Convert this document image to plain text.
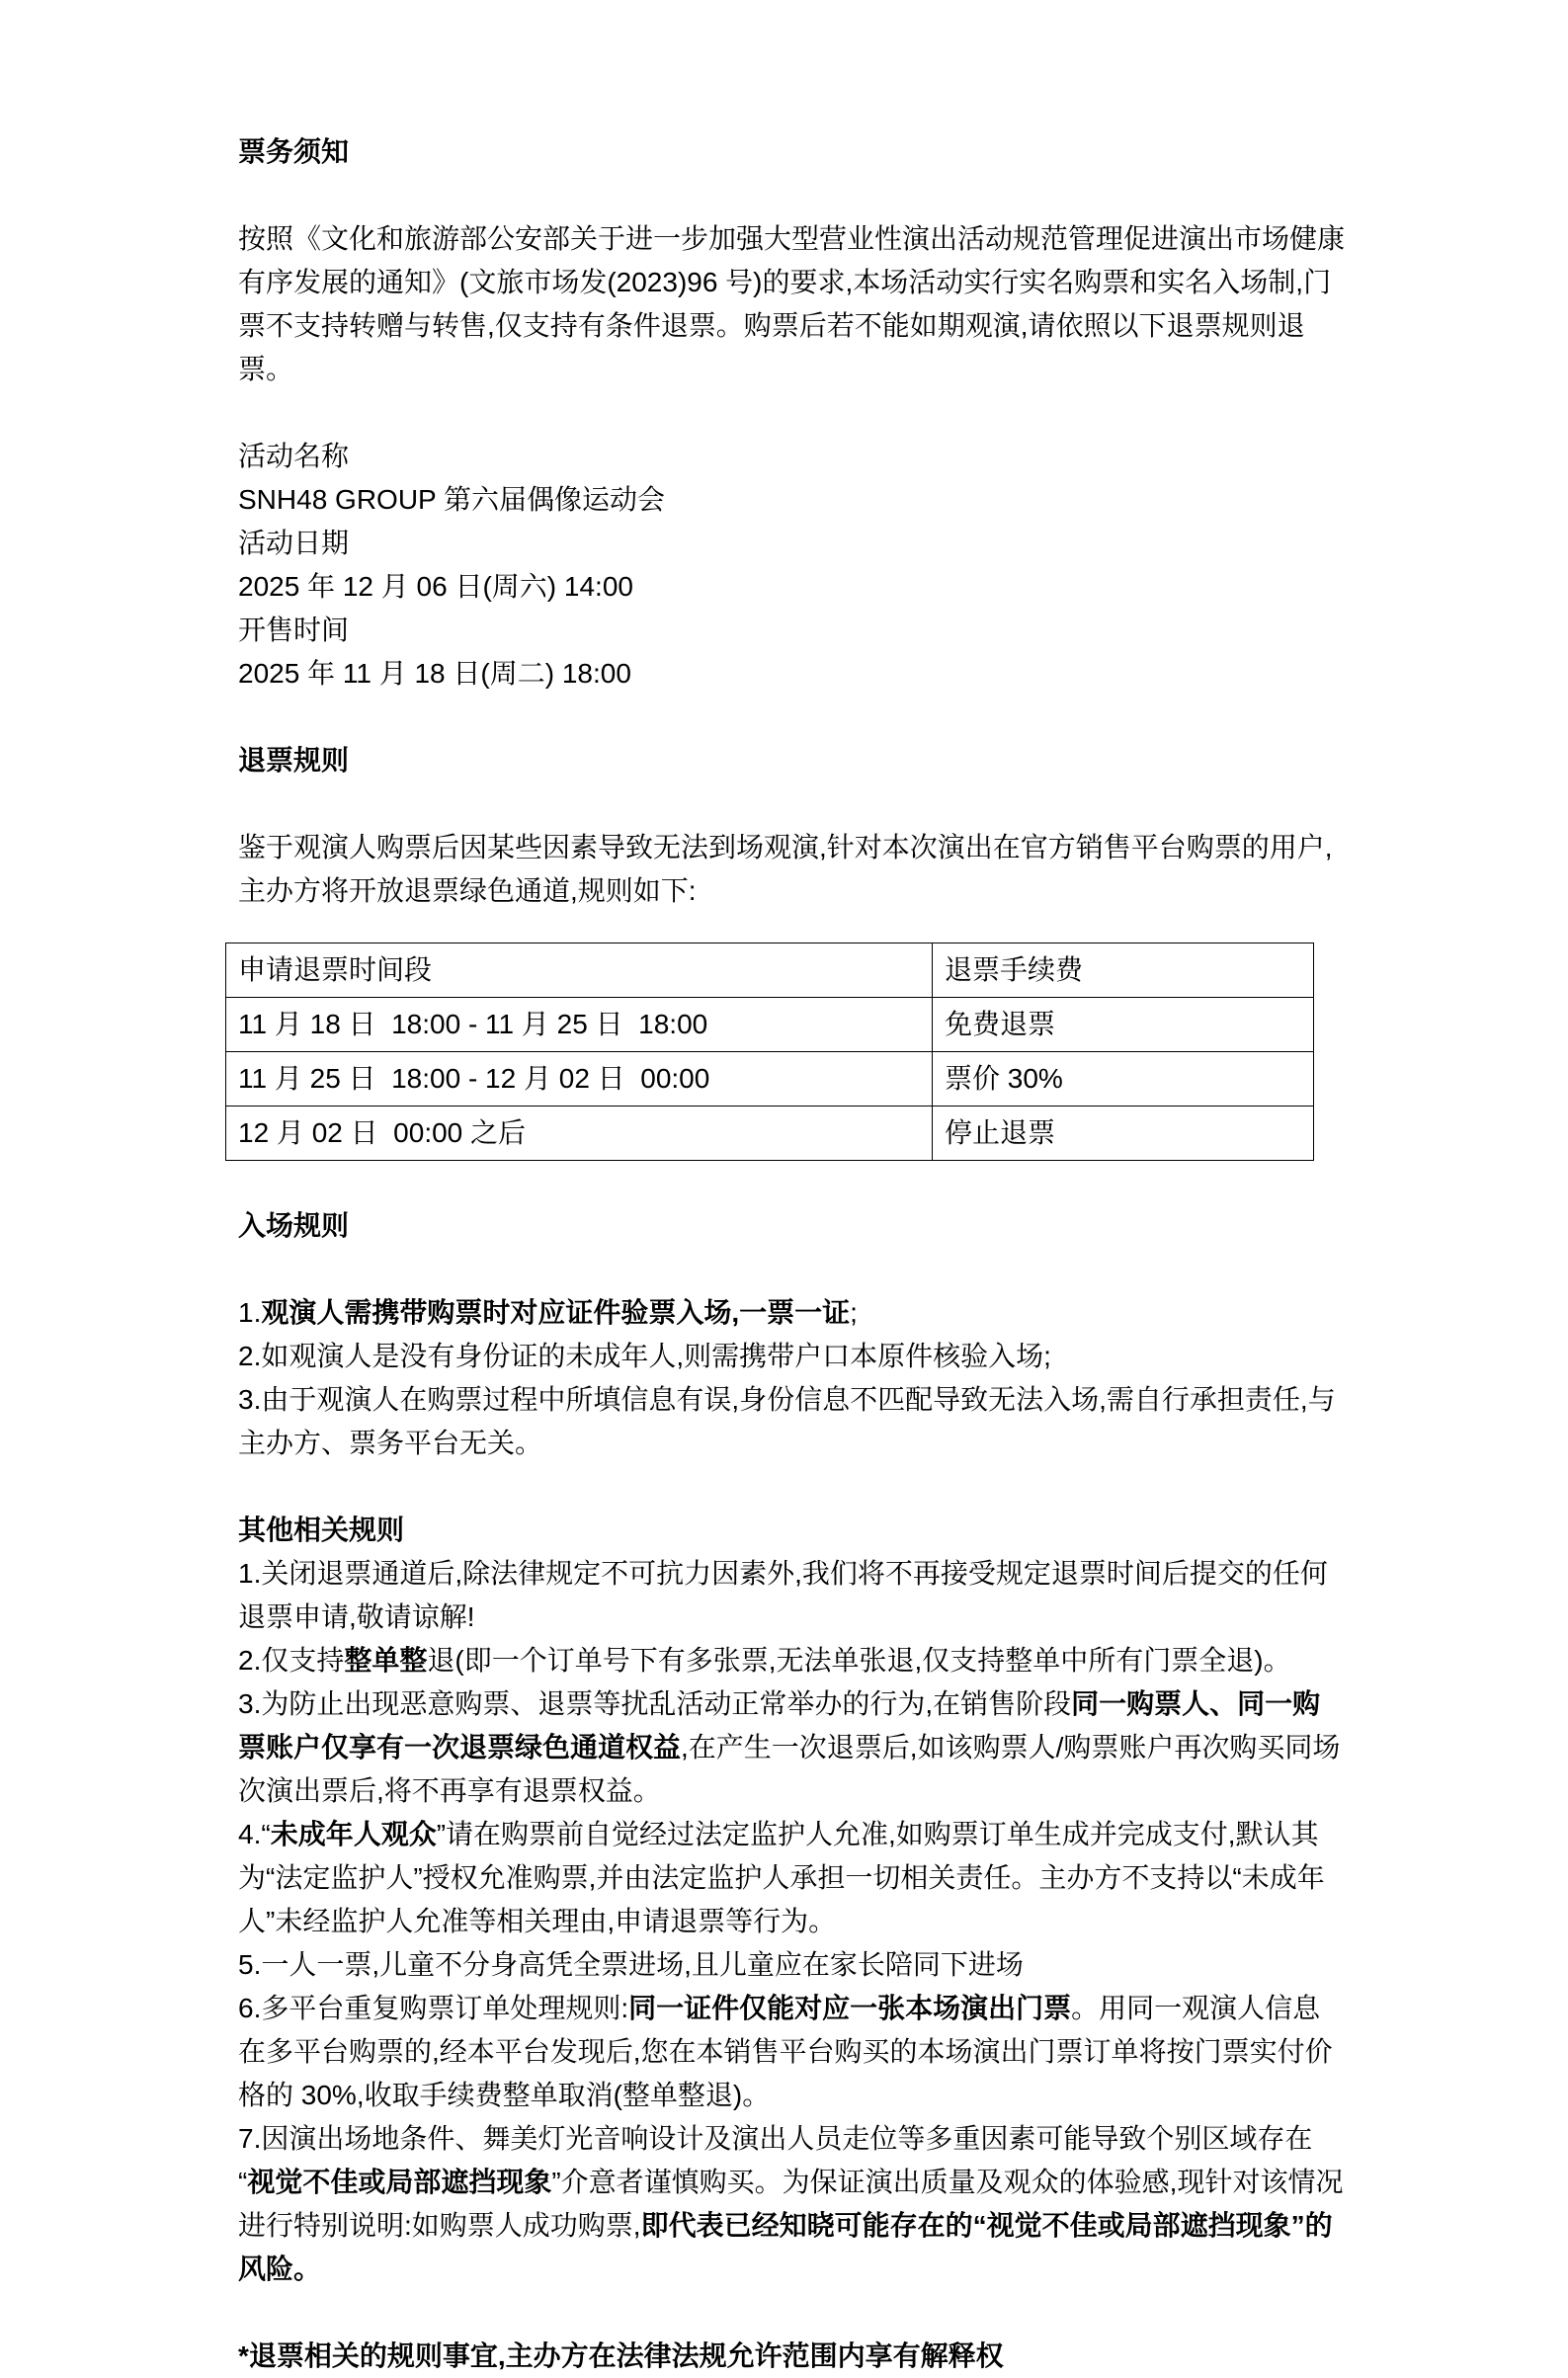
票务须知

按照《文化和旅游部公安部关于进一步加强大型营业性演出活动规范管理促进演出市场健康有序发展的通知》(文旅市场发(2023)96 号)的要求,本场活动实行实名购票和实名入场制,门票不支持转赠与转售,仅支持有条件退票。购票后若不能如期观演,请依照以下退票规则退票。

活动名称

SNH48 GROUP 第六届偶像运动会

活动日期

2025 年 12 月 06 日(周六) 14:00

开售时间

2025 年 11 月 18 日(周二) 18:00

退票规则

鉴于观演人购票后因某些因素导致无法到场观演,针对本次演出在官方销售平台购票的用户,主办方将开放退票绿色通道,规则如下:

申请退票时间段	退票手续费
11 月 18 日  18:00 - 11 月 25 日  18:00	免费退票
11 月 25 日  18:00 - 12 月 02 日  00:00	票价 30%
12 月 02 日  00:00 之后	停止退票

入场规则

1.观演人需携带购票时对应证件验票入场,一票一证;

2.如观演人是没有身份证的未成年人,则需携带户口本原件核验入场;

3.由于观演人在购票过程中所填信息有误,身份信息不匹配导致无法入场,需自行承担责任,与主办方、票务平台无关。

其他相关规则

1.关闭退票通道后,除法律规定不可抗力因素外,我们将不再接受规定退票时间后提交的任何退票申请,敬请谅解!

2.仅支持整单整退(即一个订单号下有多张票,无法单张退,仅支持整单中所有门票全退)。

3.为防止出现恶意购票、退票等扰乱活动正常举办的行为,在销售阶段同一购票人、同一购票账户仅享有一次退票绿色通道权益,在产生一次退票后,如该购票人/购票账户再次购买同场次演出票后,将不再享有退票权益。

4.“未成年人观众”请在购票前自觉经过法定监护人允准,如购票订单生成并完成支付,默认其为“法定监护人”授权允准购票,并由法定监护人承担一切相关责任。主办方不支持以“未成年人”未经监护人允准等相关理由,申请退票等行为。

5.一人一票,儿童不分身高凭全票进场,且儿童应在家长陪同下进场

6.多平台重复购票订单处理规则:同一证件仅能对应一张本场演出门票。用同一观演人信息在多平台购票的,经本平台发现后,您在本销售平台购买的本场演出门票订单将按门票实付价格的 30%,收取手续费整单取消(整单整退)。

7.因演出场地条件、舞美灯光音响设计及演出人员走位等多重因素可能导致个别区域存在“视觉不佳或局部遮挡现象”介意者谨慎购买。为保证演出质量及观众的体验感,现针对该情况进行特别说明:如购票人成功购票,即代表已经知晓可能存在的“视觉不佳或局部遮挡现象”的风险。

*退票相关的规则事宜,主办方在法律法规允许范围内享有解释权
